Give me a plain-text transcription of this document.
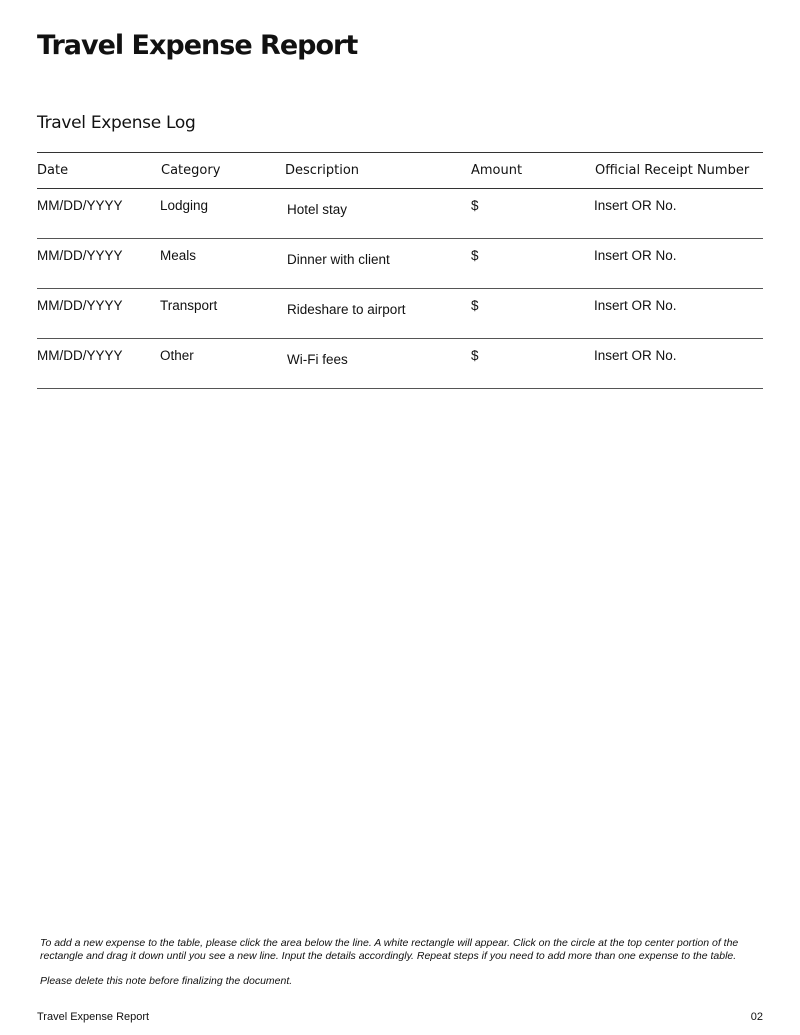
Travel Expense Report
Travel Expense Log
Date	Category	Description	Amount	Official Receipt Number
MM/DD/YYYY	Lodging	Hotel stay	$	Insert OR No.
MM/DD/YYYY	Meals	Dinner with client	$	Insert OR No.
MM/DD/YYYY	Transport	Rideshare to airport	$	Insert OR No.
MM/DD/YYYY	Other	Wi-Fi fees	$	Insert OR No.
To add a new expense to the table, please click the area below the line. A white rectangle will appear. Click on the circle at the top center portion of the rectangle and drag it down until you see a new line. Input the details accordingly. Repeat steps if you need to add more than one expense to the table.
Please delete this note before finalizing the document.
Travel Expense Report	02
